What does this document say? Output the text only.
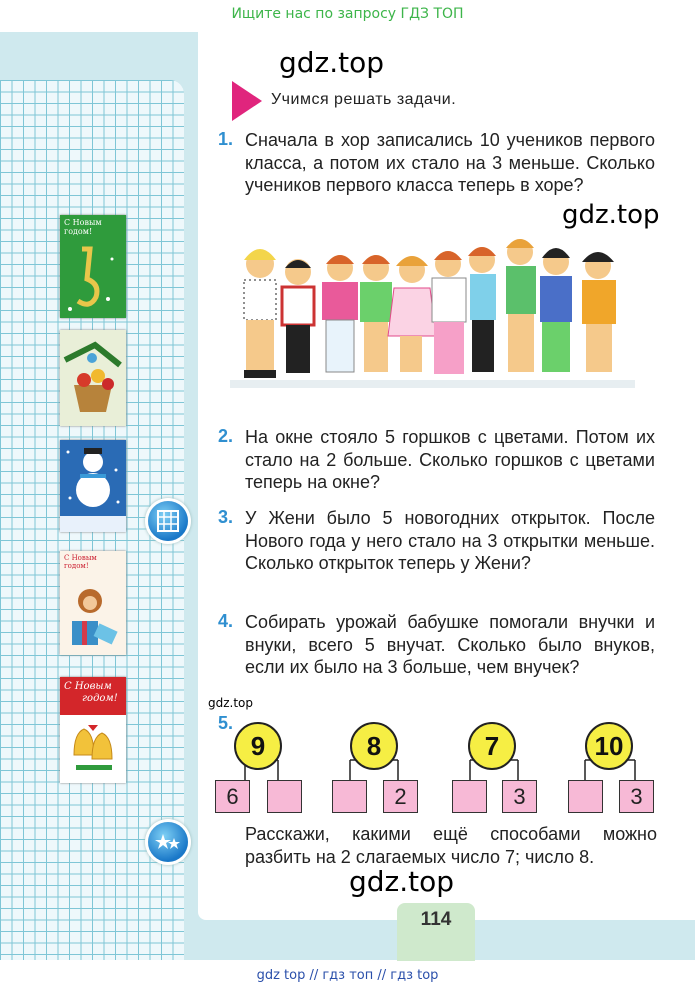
Ищите нас по запросу ГДЗ ТОП
С Новым годом!
С Новым годом!
С Новым
годом!
gdz.top
gdz.top
gdz.top
gdz.top
Учимся решать задачи.
1. Сначала в хор записались 10 учеников первого класса, а потом их стало на 3 меньше. Сколько учеников первого класса теперь в хоре?
2. На окне стояло 5 горшков с цветами. Потом их стало на 2 больше. Сколько горшков с цветами теперь на окне?
3. У Жени было 5 новогодних открыток. После Нового года у него стало на 3 открытки меньше. Сколько открыток теперь у Жени?
4. Собирать урожай бабушке помогали внучки и внуки, всего 5 внучат. Сколько было внуков, если их было на 3 больше, чем внучек?
5.
9
6
8
2
7
3
10
3
Расскажи, какими ещё способами можно разбить на 2 слагаемых число 7; число 8.
114
gdz top // гдз топ // гдз top
